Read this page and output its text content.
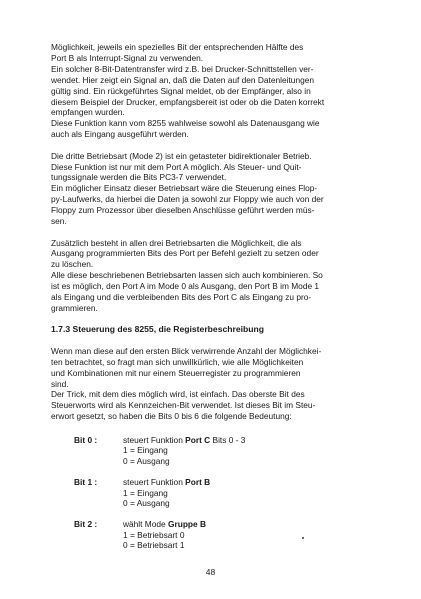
Möglichkeit, jeweils ein spezielles Bit der entsprechenden Hälfte des

Port B als Interrupt-Signal zu verwenden.

Ein solcher 8-Bit-Datentransfer wird z.B. bei Drucker-Schnittstellen ver-

wendet. Hier zeigt ein Signal an, daß die Daten auf den Datenleitungen

gültig sind. Ein rückgeführtes Signal meldet, ob der Empfänger, also in

diesem Beispiel der Drucker, empfangsbereit ist oder ob die Daten korrekt

empfangen wurden.

Diese Funktion kann vom 8255 wahlweise sowohl als Datenausgang wie

auch als Eingang ausgeführt werden.

Die dritte Betriebsart (Mode 2) ist ein getasteter bidirektionaler Betrieb.

Diese Funktion ist nur mit dem Port A möglich. Als Steuer- und Quit-

tungssignale werden die Bits PC3-7 verwendet.

Ein möglicher Einsatz dieser Betriebsart wäre die Steuerung eines Flop-

py-Laufwerks, da hierbei die Daten ja sowohl zur Floppy wie auch von der

Floppy zum Prozessor über dieselben Anschlüsse geführt werden müs-

sen.

Zusätzlich besteht in allen drei Betriebsarten die Möglichkeit, die als

Ausgang programmierten Bits des Port per Befehl gezielt zu setzen oder

zu löschen.

Alle diese beschriebenen Betriebsarten lassen sich auch kombinieren. So

ist es möglich, den Port A im Mode 0 als Ausgang, den Port B im Mode 1

als Eingang und die verbleibenden Bits des Port C als Eingang zu pro-

grammieren.

1.7.3 Steuerung des 8255, die Registerbeschreibung

Wenn man diese auf den ersten Blick verwirrende Anzahl der Möglichkei-

ten betrachtet, so fragt man sich unwillkürlich, wie alle Möglichkeiten

und Kombinationen mit nur einem Steuerregister zu programmieren

sind.

Der Trick, mit dem dies möglich wird, ist einfach. Das oberste Bit des

Steuerworts wird als Kennzeichen-Bit verwendet. Ist dieses Bit im Steu-

erwort gesetzt, so haben die Bits 0 bis 6 die folgende Bedeutung:

Bit 0 :	steuert Funktion Port C Bits 0 - 3
1 = Eingang
0 = Ausgang
Bit 1 :	steuert Funktion Port B
1 = Eingang
0 = Ausgang
Bit 2 :	wählt Mode Gruppe B
1 = Betriebsart 0
0 = Betriebsart 1
48
